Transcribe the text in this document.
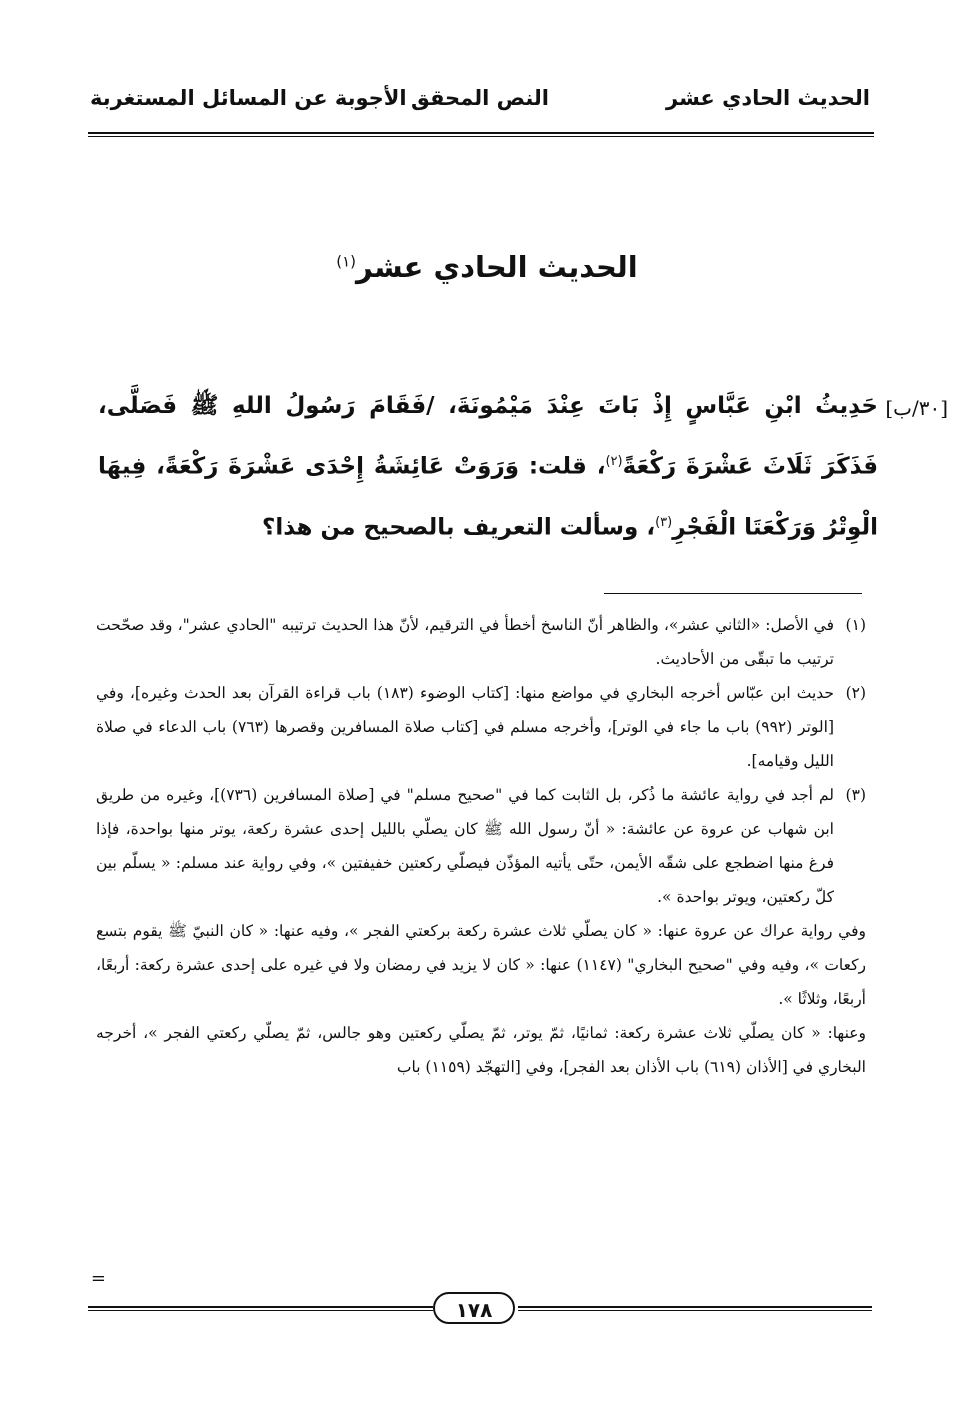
الحديث الحادي عشر
النص المحقق
الأجوبة عن المسائل المستغربة
الحديث الحادي عشر$^{(١)}$
[٣٠/ب]
حَدِيثُ ابْنِ عَبَّاسٍ إِذْ بَاتَ عِنْدَ مَيْمُونَةَ، /فَقَامَ رَسُولُ اللهِ ﷺ فَصَلَّى، فَذَكَرَ ثَلَاثَ عَشْرَةَ رَكْعَةً$^{(٢)}$، قلت: وَرَوَتْ عَائِشَةُ إِحْدَى عَشْرَةَ رَكْعَةً، فِيهَا الْوِتْرُ وَرَكْعَتَا الْفَجْرِ$^{(٣)}$، وسألت التعريف بالصحيح من هذا؟

(١)في الأصل: «الثاني عشر»، والظاهر أنّ الناسخ أخطأ في الترقيم، لأنّ هذا الحديث ترتيبه "الحادي عشر"، وقد صحّحت ترتيب ما تبقّى من الأحاديث.

(٢)حديث ابن عبّاس أخرجه البخاري في مواضع منها: [كتاب الوضوء (١٨٣) باب قراءة القرآن بعد الحدث وغيره]، وفي [الوتر (٩٩٢) باب ما جاء في الوتر]، وأخرجه مسلم في [كتاب صلاة المسافرين وقصرها (٧٦٣) باب الدعاء في صلاة الليل وقيامه].

(٣)لم أجد في رواية عائشة ما ذُكر، بل الثابت كما في "صحيح مسلم" في [صلاة المسافرين (٧٣٦)]، وغيره من طريق ابن شهاب عن عروة عن عائشة: « أنّ رسول الله ﷺ كان يصلّي بالليل إحدى عشرة ركعة، يوتر منها بواحدة، فإذا فرغ منها اضطجع على شقّه الأيمن، حتّى يأتيه المؤذّن فيصلّي ركعتين خفيفتين »، وفي رواية عند مسلم: « يسلّم بين كلّ ركعتين، ويوتر بواحدة ».

وفي رواية عراك عن عروة عنها: « كان يصلّي ثلاث عشرة ركعة بركعتي الفجر »، وفيه عنها: « كان النبيّ ﷺ يقوم بتسع ركعات »، وفيه وفي "صحيح البخاري" (١١٤٧) عنها: « كان لا يزيد في رمضان ولا في غيره على إحدى عشرة ركعة: أربعًا، أربعًا، وثلاثًا ».

وعنها: « كان يصلّي ثلاث عشرة ركعة: ثمانيًا، ثمّ يوتر، ثمّ يصلّي ركعتين وهو جالس، ثمّ يصلّي ركعتي الفجر »، أخرجه البخاري في [الأذان (٦١٩) باب الأذان بعد الفجر]، وفي [التهجّد (١١٥٩) باب

=
١٧٨
